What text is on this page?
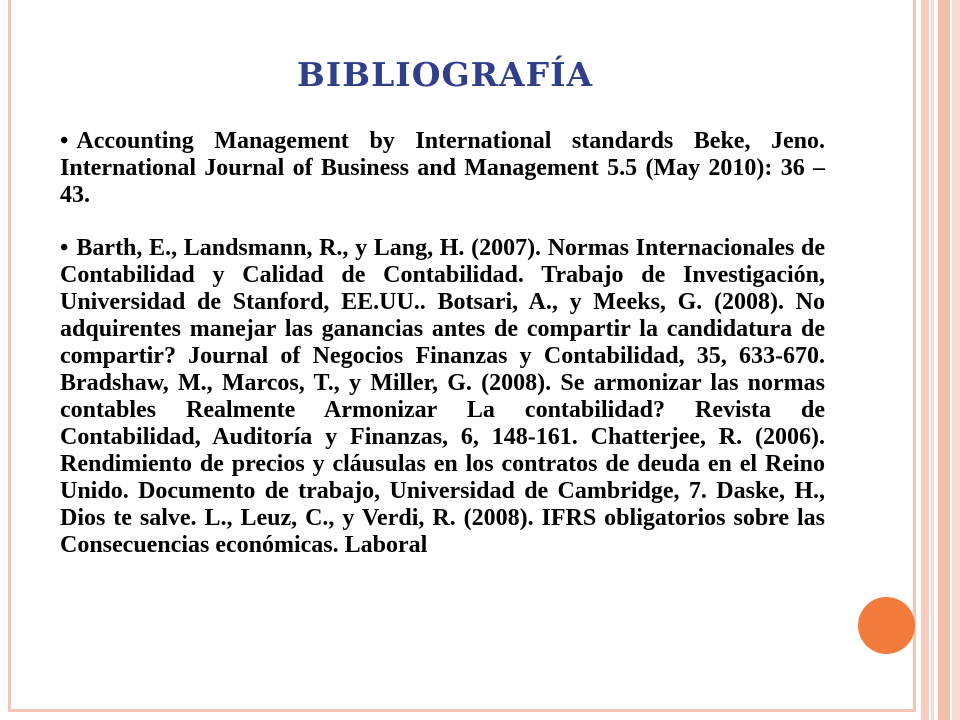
BIBLIOGRAFÍA

• Accounting Management by International standards Beke, Jeno. International Journal of Business and Management 5.5 (May 2010): 36 – 43.

• Barth, E., Landsmann, R., y Lang, H. (2007). Normas Internacionales de Contabilidad y Calidad de Contabilidad. Trabajo de Investigación, Universidad de Stanford, EE.UU.. Botsari, A., y Meeks, G. (2008). No adquirentes manejar las ganancias antes de compartir la candidatura de compartir? Journal of Negocios Finanzas y Contabilidad, 35, 633-670. Bradshaw, M., Marcos, T., y Miller, G. (2008). Se armonizar las normas contables Realmente Armonizar La contabilidad? Revista de Contabilidad, Auditoría y Finanzas, 6, 148-161. Chatterjee, R. (2006). Rendimiento de precios y cláusulas en los contratos de deuda en el Reino Unido. Documento de trabajo, Universidad de Cambridge, 7. Daske, H., Dios te salve. L., Leuz, C., y Verdi, R. (2008). IFRS obligatorios sobre las Consecuencias económicas. Laboral
